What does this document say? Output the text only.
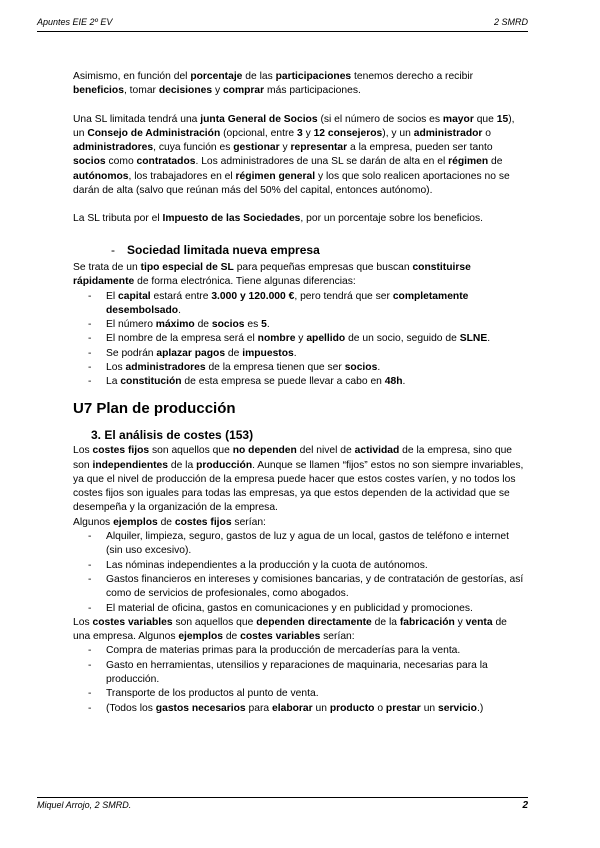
Apuntes EIE 2º EV	2 SMRD

Asimismo, en función del porcentaje de las participaciones tenemos derecho a recibir beneficios, tomar decisiones y comprar más participaciones.

Una SL limitada tendrá una junta General de Socios (si el número de socios es mayor que 15), un Consejo de Administración (opcional, entre 3 y 12 consejeros), y un administrador o administradores, cuya función es gestionar y representar a la empresa, pueden ser tanto socios como contratados. Los administradores de una SL se darán de alta en el régimen de autónomos, los trabajadores en el régimen general y los que solo realicen aportaciones no se darán de alta (salvo que reúnan más del 50% del capital, entonces autónomo).

La SL tributa por el Impuesto de las Sociedades, por un porcentaje sobre los beneficios.

- Sociedad limitada nueva empresa

Se trata de un tipo especial de SL para pequeñas empresas que buscan constituirse rápidamente de forma electrónica. Tiene algunas diferencias:

- El capital estará entre 3.000 y 120.000 €, pero tendrá que ser completamente desembolsado.
- El número máximo de socios es 5.
- El nombre de la empresa será el nombre y apellido de un socio, seguido de SLNE.
- Se podrán aplazar pagos de impuestos.
- Los administradores de la empresa tienen que ser socios.
- La constitución de esta empresa se puede llevar a cabo en 48h.
U7 Plan de producción
3. El análisis de costes (153)

Los costes fijos son aquellos que no dependen del nivel de actividad de la empresa, sino que son independientes de la producción. Aunque se llamen “fijos” estos no son siempre invariables, ya que el nivel de producción de la empresa puede hacer que estos costes varíen, y no todos los costes fijos son iguales para todas las empresas, ya que estos dependen de la actividad que se desempeña y la organización de la empresa.

Algunos ejemplos de costes fijos serían:

- Alquiler, limpieza, seguro, gastos de luz y agua de un local, gastos de teléfono e internet (sin uso excesivo).
- Las nóminas independientes a la producción y la cuota de autónomos.
- Gastos financieros en intereses y comisiones bancarias, y de contratación de gestorías, así como de servicios de profesionales, como abogados.
- El material de oficina, gastos en comunicaciones y en publicidad y promociones.

Los costes variables son aquellos que dependen directamente de la fabricación y venta de una empresa. Algunos ejemplos de costes variables serían:

- Compra de materias primas para la producción de mercaderías para la venta.
- Gasto en herramientas, utensilios y reparaciones de maquinaria, necesarias para la producción.
- Transporte de los productos al punto de venta.
- (Todos los gastos necesarios para elaborar un producto o prestar un servicio.)
Miquel Arrojo, 2 SMRD.	2
